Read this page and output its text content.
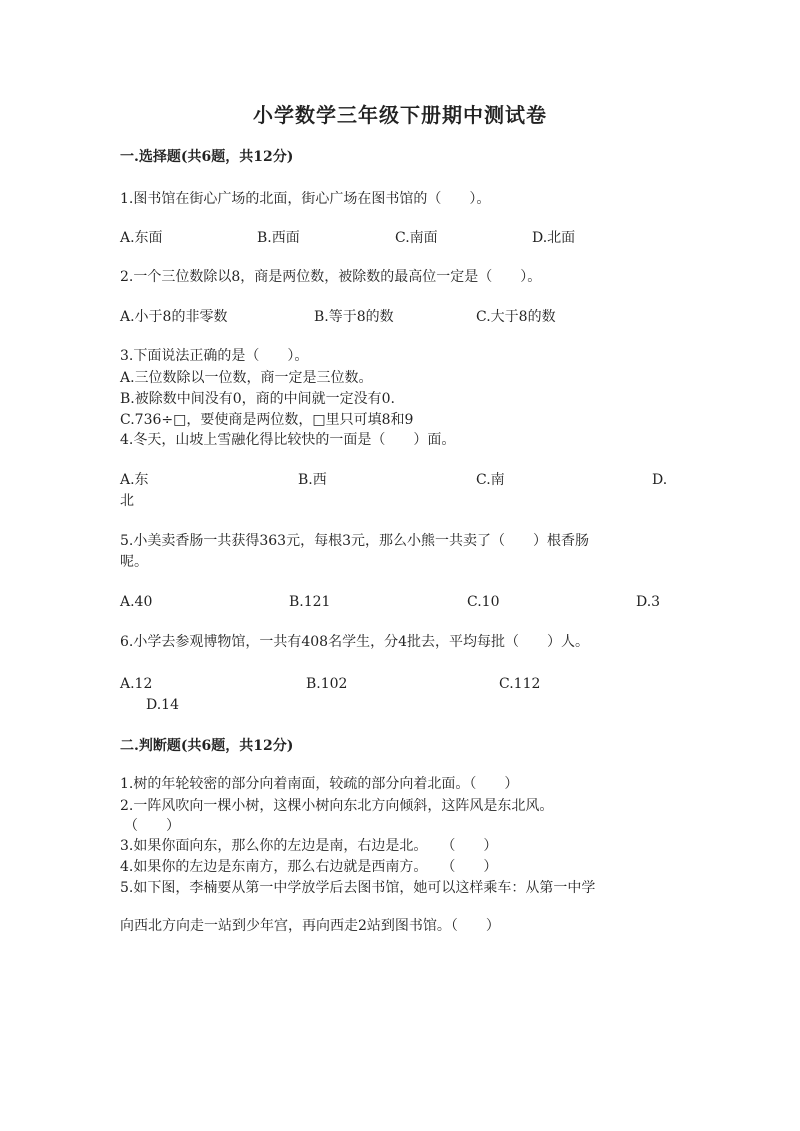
小学数学三年级下册期中测试卷
一.选择题(共6题，共12分)
1.图书馆在街心广场的北面，街心广场在图书馆的（　　）。
A.东面	B.西面	C.南面	D.北面
2.一个三位数除以8，商是两位数，被除数的最高位一定是（　　）。
A.小于8的非零数	B.等于8的数	C.大于8的数
3.下面说法正确的是（　　）。
A.三位数除以一位数，商一定是三位数。
B.被除数中间没有0，商的中间就一定没有0.
C.736÷□，要使商是两位数，□里只可填8和9
4.冬天，山坡上雪融化得比较快的一面是（　　）面。
A.东	B.西	C.南	D.
北
5.小美卖香肠一共获得363元，每根3元，那么小熊一共卖了（　　）根香肠
呢。
A.40	B.121	C.10	D.3
6.小学去参观博物馆，一共有408名学生，分4批去，平均每批（　　）人。
A.12	B.102	C.112
D.14
二.判断题(共6题，共12分)
1.树的年轮较密的部分向着南面，较疏的部分向着北面。（　　）
2.一阵风吹向一棵小树，这棵小树向东北方向倾斜，这阵风是东北风。
（　　）
3.如果你面向东，那么你的左边是南，右边是北。　　（　　）
4.如果你的左边是东南方，那么右边就是西南方。　　（　　）
5.如下图，李楠要从第一中学放学后去图书馆，她可以这样乘车：从第一中学
向西北方向走一站到少年宫，再向西走2站到图书馆。（　　）
